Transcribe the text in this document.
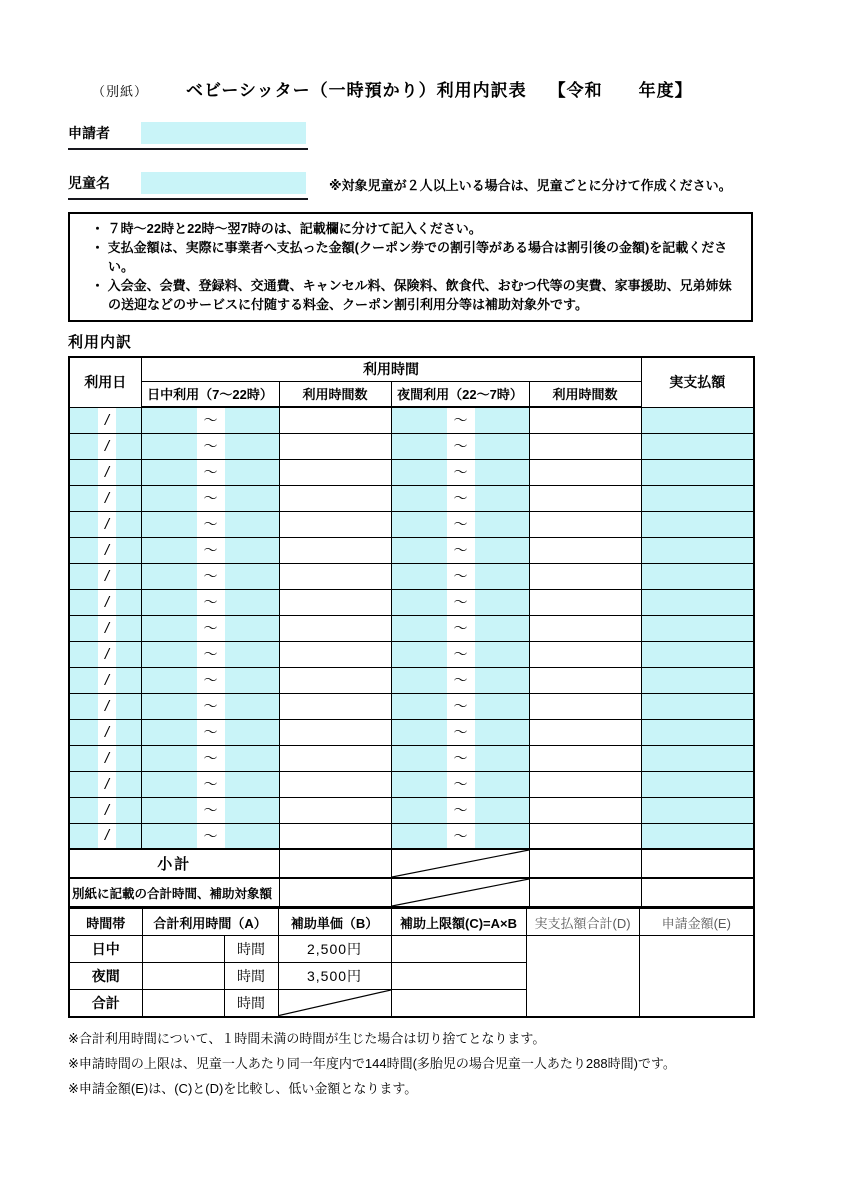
（別紙） ベビーシッター（一時預かり）利用内訳表 【令和　　年度】
申請者
児童名	※対象児童が２人以上いる場合は、児童ごとに分けて作成ください。
・ ７時～22時と22時～翌7時のは、記載欄に分けて記入ください。
・ 支払金額は、実際に事業者へ支払った金額(クーポン券での割引等がある場合は割引後の金額)を記載ください。
・ 入会金、会費、登録料、交通費、キャンセル料、保険料、飲食代、おむつ代等の実費、家事援助、兄弟姉妹の送迎などのサービスに付随する料金、クーポン割引利用分等は補助対象外です。
利用内訳
利用日	利用時間				実支払額
	日中利用（7～22時）	利用時間数	夜間利用（22～7時）	利用時間数	

/	～		～		

/	～		～		

/	～		～		

/	～		～		

/	～		～		

/	～		～		

/	～		～		

/	～		～		

/	～		～		

/	～		～		

/	～		～		

/	～		～		

/	～		～		

/	～		～		

/	～		～		

/	～		～		

/	～		～		

小計		

別紙に記載の合計時間、補助対象額		

時間帯	合計利用時間（A）		補助単価（B）	補助上限額(C)=A×B	実支払額合計(D)	申請金額(E)
日中		時間	2,500円			
夜間		時間	3,500円			
合計		時間	

※合計利用時間について、１時間未満の時間が生じた場合は切り捨てとなります。
※申請時間の上限は、児童一人あたり同一年度内で144時間(多胎児の場合児童一人あたり288時間)です。
※申請金額(E)は、(C)と(D)を比較し、低い金額となります。
